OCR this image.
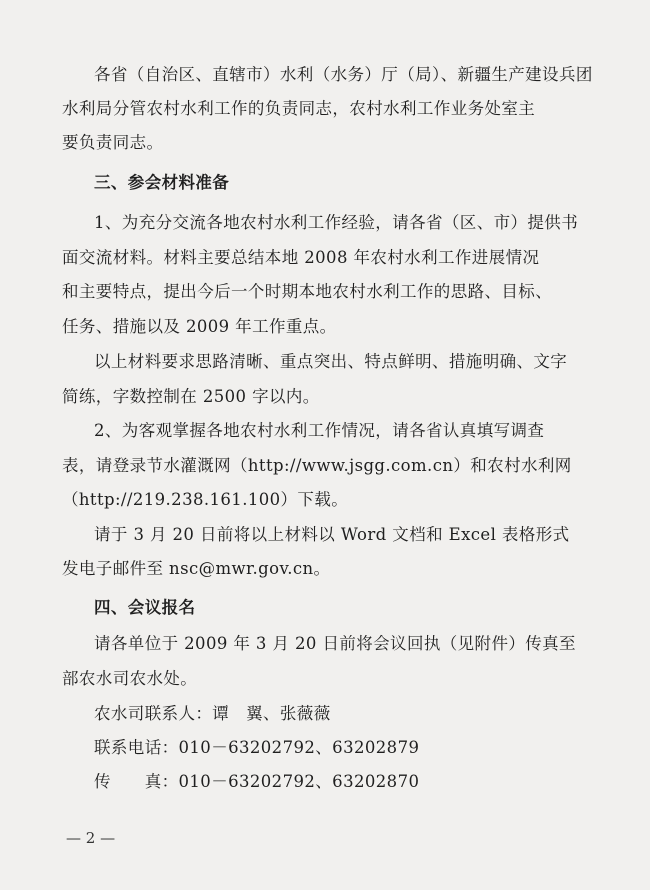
各省（自治区、直辖市）水利（水务）厅（局）、新疆生产建设兵团
水利局分管农村水利工作的负责同志，农村水利工作业务处室主
要负责同志。
三、参会材料准备
1、为充分交流各地农村水利工作经验，请各省（区、市）提供书
面交流材料。材料主要总结本地 2008 年农村水利工作进展情况
和主要特点，提出今后一个时期本地农村水利工作的思路、目标、
任务、措施以及 2009 年工作重点。
以上材料要求思路清晰、重点突出、特点鲜明、措施明确、文字
简练，字数控制在 2500 字以内。
2、为客观掌握各地农村水利工作情况，请各省认真填写调查
表，请登录节水灌溉网（http://www.jsgg.com.cn）和农村水利网
（http://219.238.161.100）下载。
请于 3 月 20 日前将以上材料以 Word 文档和 Excel 表格形式
发电子邮件至 nsc@mwr.gov.cn。
四、会议报名
请各单位于 2009 年 3 月 20 日前将会议回执（见附件）传真至
部农水司农水处。
农水司联系人：谭　翼、张薇薇
联系电话：010－63202792、63202879
传　　真：010－63202792、63202870
— 2 —
